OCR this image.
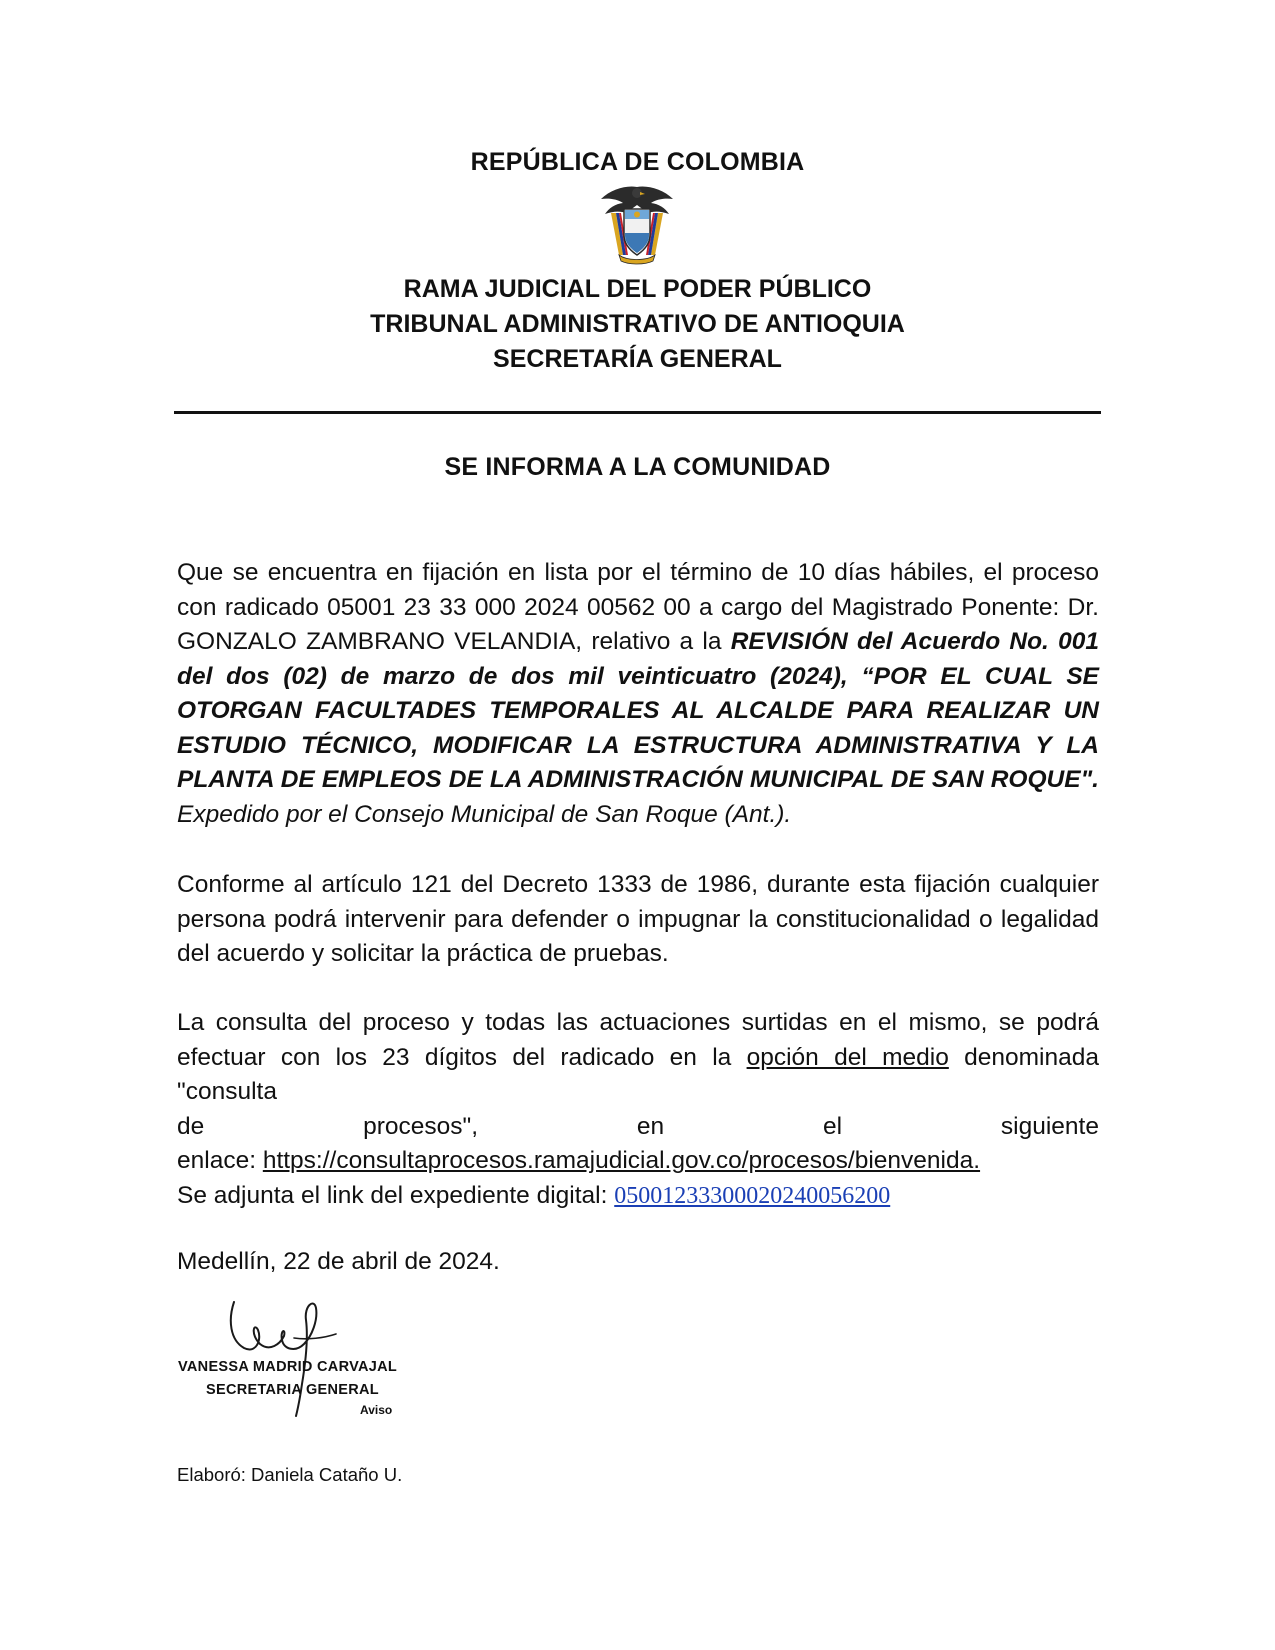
REPÚBLICA DE COLOMBIA
RAMA JUDICIAL DEL PODER PÚBLICO
TRIBUNAL ADMINISTRATIVO DE ANTIOQUIA
SECRETARÍA GENERAL
SE INFORMA A LA COMUNIDAD

Que se encuentra en fijación en lista por el término de 10 días hábiles, el proceso con radicado 05001 23 33 000 2024 00562 00 a cargo del Magistrado Ponente: Dr. GONZALO ZAMBRANO VELANDIA, relativo a la REVISIÓN del Acuerdo No. 001 del dos (02) de marzo de dos mil veinticuatro (2024), “POR EL CUAL SE OTORGAN FACULTADES TEMPORALES AL ALCALDE PARA REALIZAR UN ESTUDIO TÉCNICO, MODIFICAR LA ESTRUCTURA ADMINISTRATIVA Y LA PLANTA DE EMPLEOS DE LA ADMINISTRACIÓN MUNICIPAL DE SAN ROQUE". Expedido por el Consejo Municipal de San Roque (Ant.).

Conforme al artículo 121 del Decreto 1333 de 1986, durante esta fijación cualquier persona podrá intervenir para defender o impugnar la constitucionalidad o legalidad del acuerdo y solicitar la práctica de pruebas.

La consulta del proceso y todas las actuaciones surtidas en el mismo, se podrá efectuar con los 23 dígitos del radicado en la opción del medio denominada "consulta
de	procesos",	en	el	siguiente
enlace: https://consultaprocesos.ramajudicial.gov.co/procesos/bienvenida.

Se adjunta el link del expediente digital: 05001233300020240056200

Medellín, 22 de abril de 2024.

VANESSA MADRID CARVAJAL
SECRETARIA GENERAL
Aviso
Elaboró: Daniela Cataño U.
